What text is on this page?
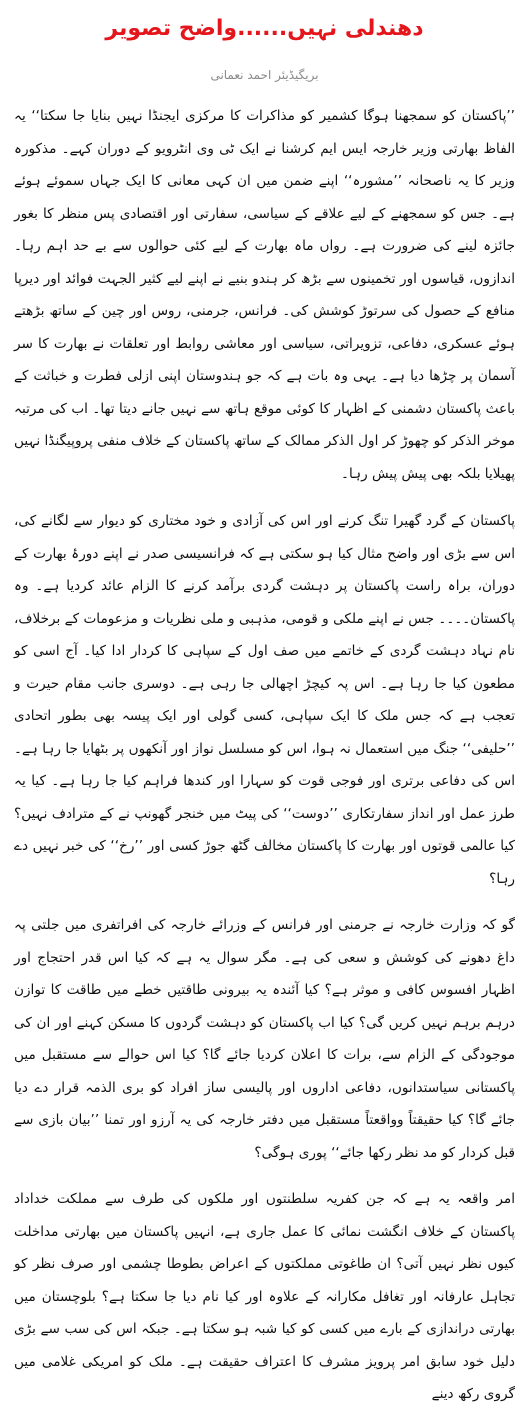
دھندلی نہیں......واضح تصویر
بریگیڈیئر احمد نعمانی

’’پاکستان کو سمجھنا ہوگا کشمیر کو مذاکرات کا مرکزی ایجنڈا نہیں بنایا جا سکتا‘‘ یہ الفاظ بھارتی وزیر خارجہ ایس ایم کرشنا نے ایک ٹی وی انٹرویو کے دوران کہے۔ مذکورہ وزیر کا یہ ناصحانہ ’’مشورہ‘‘ اپنے ضمن میں ان کہی معانی کا ایک جہاں سموئے ہوئے ہے۔ جس کو سمجھنے کے لیے علاقے کے سیاسی، سفارتی اور اقتصادی پس منظر کا بغور جائزہ لینے کی ضرورت ہے۔ رواں ماہ بھارت کے لیے کئی حوالوں سے بے حد اہم رہا۔ اندازوں، قیاسوں اور تخمینوں سے بڑھ کر ہندو بنیے نے اپنے لیے کثیر الجہت فوائد اور دیرپا منافع کے حصول کی سرتوڑ کوشش کی۔ فرانس، جرمنی، روس اور چین کے ساتھ بڑھتے ہوئے عسکری، دفاعی، تزویراتی، سیاسی اور معاشی روابط اور تعلقات نے بھارت کا سر آسمان پر چڑھا دیا ہے۔ یہی وہ بات ہے کہ جو ہندوستان اپنی ازلی فطرت و خباثت کے باعث پاکستان دشمنی کے اظہار کا کوئی موقع ہاتھ سے نہیں جانے دیتا تھا۔ اب کی مرتبہ موخر الذکر کو چھوڑ کر اول الذکر ممالک کے ساتھ پاکستان کے خلاف منفی پروپیگنڈا نہیں پھیلایا بلکہ بھی پیش پیش رہا۔

پاکستان کے گرد گھیرا تنگ کرنے اور اس کی آزادی و خود مختاری کو دیوار سے لگانے کی، اس سے بڑی اور واضح مثال کیا ہو سکتی ہے کہ فرانسیسی صدر نے اپنے دورۂ بھارت کے دوران، براہ راست پاکستان پر دہشت گردی برآمد کرنے کا الزام عائد کردیا ہے۔ وہ پاکستان۔۔۔۔ جس نے اپنے ملکی و قومی، مذہبی و ملی نظریات و مزعومات کے برخلاف، نام نہاد دہشت گردی کے خاتمے میں صف اول کے سپاہی کا کردار ادا کیا۔ آج اسی کو مطعون کیا جا رہا ہے۔ اس پہ کیچڑ اچھالی جا رہی ہے۔ دوسری جانب مقام حیرت و تعجب ہے کہ جس ملک کا ایک سپاہی، کسی گولی اور ایک پیسہ بھی بطور اتحادی ’’حلیفی‘‘ جنگ میں استعمال نہ ہوا، اس کو مسلسل نواز اور آنکھوں پر بٹھایا جا رہا ہے۔ اس کی دفاعی برتری اور فوجی قوت کو سہارا اور کندھا فراہم کیا جا رہا ہے۔ کیا یہ طرز عمل اور انداز سفارتکاری ’’دوست‘‘ کی پیٹ میں خنجر گھونپ نے کے مترادف نہیں؟ کیا عالمی قوتوں اور بھارت کا پاکستان مخالف گٹھ جوڑ کسی اور ’’رخ‘‘ کی خبر نہیں دے رہا؟

گو کہ وزارت خارجہ نے جرمنی اور فرانس کے وزرائے خارجہ کی افراتفری میں جلتی پہ داغ دھونے کی کوشش و سعی کی ہے۔ مگر سوال یہ ہے کہ کیا اس قدر احتجاج اور اظہار افسوس کافی و موثر ہے؟ کیا آئندہ یہ بیرونی طاقتیں خطے میں طاقت کا توازن درہم برہم نہیں کریں گی؟ کیا اب پاکستان کو دہشت گردوں کا مسکن کہنے اور ان کی موجودگی کے الزام سے، برات کا اعلان کردیا جائے گا؟ کیا اس حوالے سے مستقبل میں پاکستانی سیاستدانوں، دفاعی اداروں اور پالیسی ساز افراد کو بری الذمہ قرار دے دیا جائے گا؟ کیا حقیقتاً وواقعتاً مستقبل میں دفتر خارجہ کی یہ آرزو اور تمنا ’’بیان بازی سے قبل کردار کو مد نظر رکھا جائے‘‘ پوری ہوگی؟

امر واقعہ یہ ہے کہ جن کفریہ سلطنتوں اور ملکوں کی طرف سے مملکت خداداد پاکستان کے خلاف انگشت نمائی کا عمل جاری ہے، انہیں پاکستان میں بھارتی مداخلت کیوں نظر نہیں آتی؟ ان طاغوتی مملکتوں کے اعراض بطوطا چشمی اور صرف نظر کو تجاہل عارفانہ اور تغافل مکارانہ کے علاوہ اور کیا نام دیا جا سکتا ہے؟ بلوچستان میں بھارتی دراندازی کے بارے میں کسی کو کیا شبہ ہو سکتا ہے۔ جبکہ اس کی سب سے بڑی دلیل خود سابق امر پرویز مشرف کا اعتراف حقیقت ہے۔ ملک کو امریکی غلامی میں گروی رکھ دینے
